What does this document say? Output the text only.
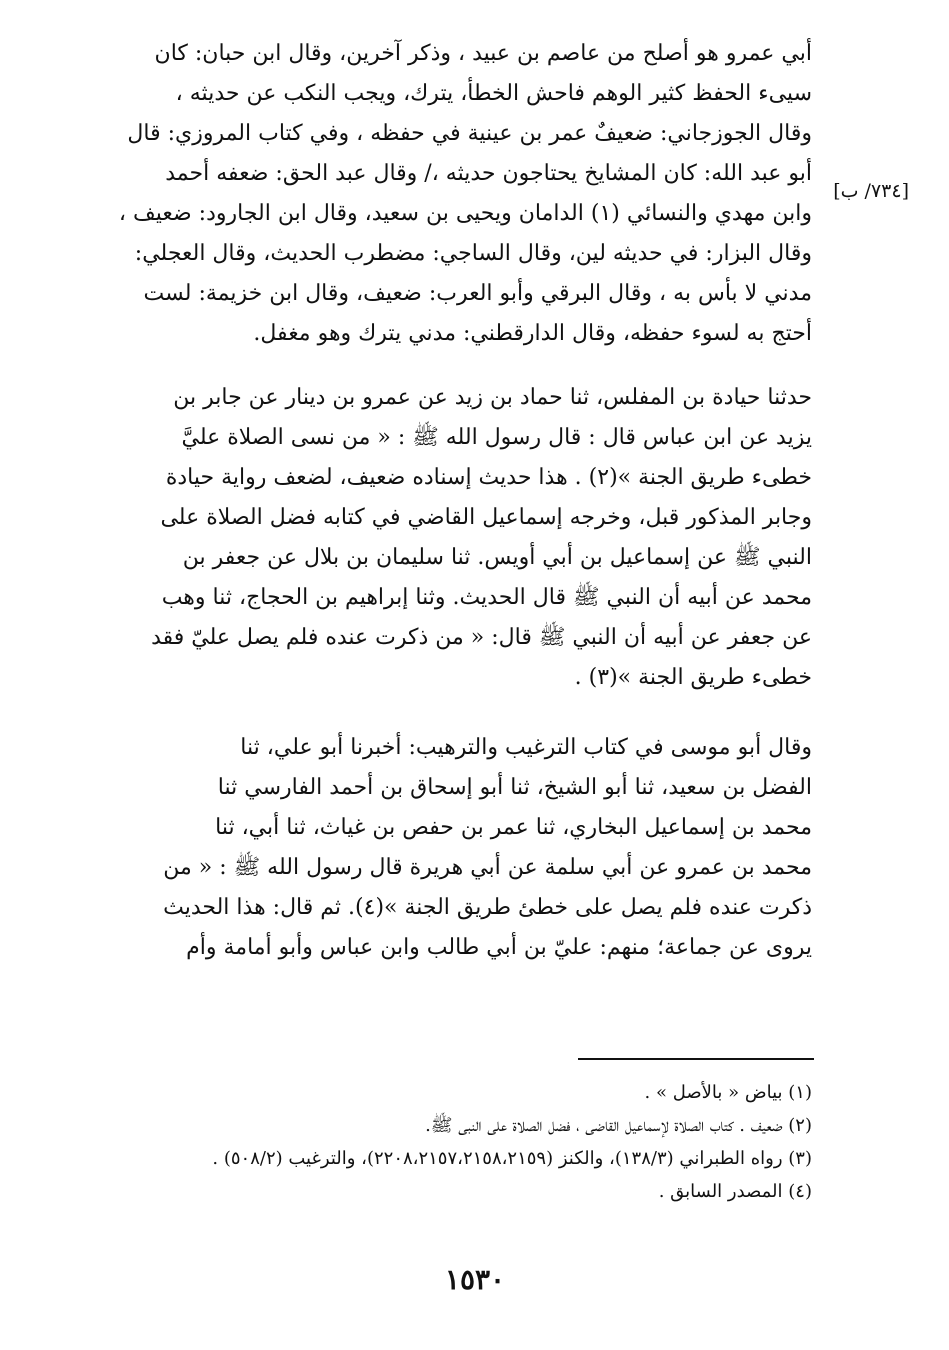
[٧٣٤/ ب]

أبي عمرو هو أصلح من عاصم بن عبيد ، وذكر آخرين، وقال ابن حبان: كان
سيىء الحفظ كثير الوهم فاحش الخطأ، يترك، ويجب النكب عن حديثه ،
وقال الجوزجاني: ضعيفٌ عمر بن عينية في حفظه ، وفي كتاب المروزي: قال
أبو عبد الله: كان المشايخ يحتاجون حديثه ،/ وقال عبد الحق: ضعفه أحمد
وابن مهدي والنسائي (١) الدامان ويحيى بن سعيد، وقال ابن الجارود: ضعيف ،
وقال البزار: في حديثه لين، وقال الساجي: مضطرب الحديث، وقال العجلي:
مدني لا بأس به ، وقال البرقي وأبو العرب: ضعيف، وقال ابن خزيمة: لست
أحتج به لسوء حفظه، وقال الدارقطني: مدني يترك وهو مغفل.

حدثنا حيادة بن المفلس، ثنا حماد بن زيد عن عمرو بن دينار عن جابر بن
يزيد عن ابن عباس قال : قال رسول الله ﷺ : « من نسى الصلاة عليَّ
خطىء طريق الجنة »(٢) . هذا حديث إسناده ضعيف، لضعف رواية حيادة
وجابر المذكور قبل، وخرجه إسماعيل القاضي في كتابه فضل الصلاة على
النبي ﷺ عن إسماعيل بن أبي أويس. ثنا سليمان بن بلال عن جعفر بن
محمد عن أبيه أن النبي ﷺ قال الحديث. وثنا إبراهيم بن الحجاج، ثنا وهب
عن جعفر عن أبيه أن النبي ﷺ قال: « من ذكرت عنده فلم يصل عليّ فقد
خطىء طريق الجنة »(٣) .

وقال أبو موسى في كتاب الترغيب والترهيب: أخبرنا أبو علي، ثنا
الفضل بن سعيد، ثنا أبو الشيخ، ثنا أبو إسحاق بن أحمد الفارسي ثنا
محمد بن إسماعيل البخاري، ثنا عمر بن حفص بن غياث، ثنا أبي، ثنا
محمد بن عمرو عن أبي سلمة عن أبي هريرة قال رسول الله ﷺ : « من
ذكرت عنده فلم يصل على خطئ طريق الجنة »(٤). ثم قال: هذا الحديث
يروى عن جماعة؛ منهم: عليّ بن أبي طالب وابن عباس وأبو أمامة وأم

(١) بياض « بالأصل » .
(٢) ضعيف . كتاب الصلاة لإسماعيل القاضى ، فضل الصلاة على النبى ﷺ.
(٣) رواه الطبراني (١٣٨/٣)، والكنز (٢٢٠٨،٢١٥٧،٢١٥٨،٢١٥٩)، والترغيب (٥٠٨/٢) .
(٤) المصدر السابق .
١٥٣٠
